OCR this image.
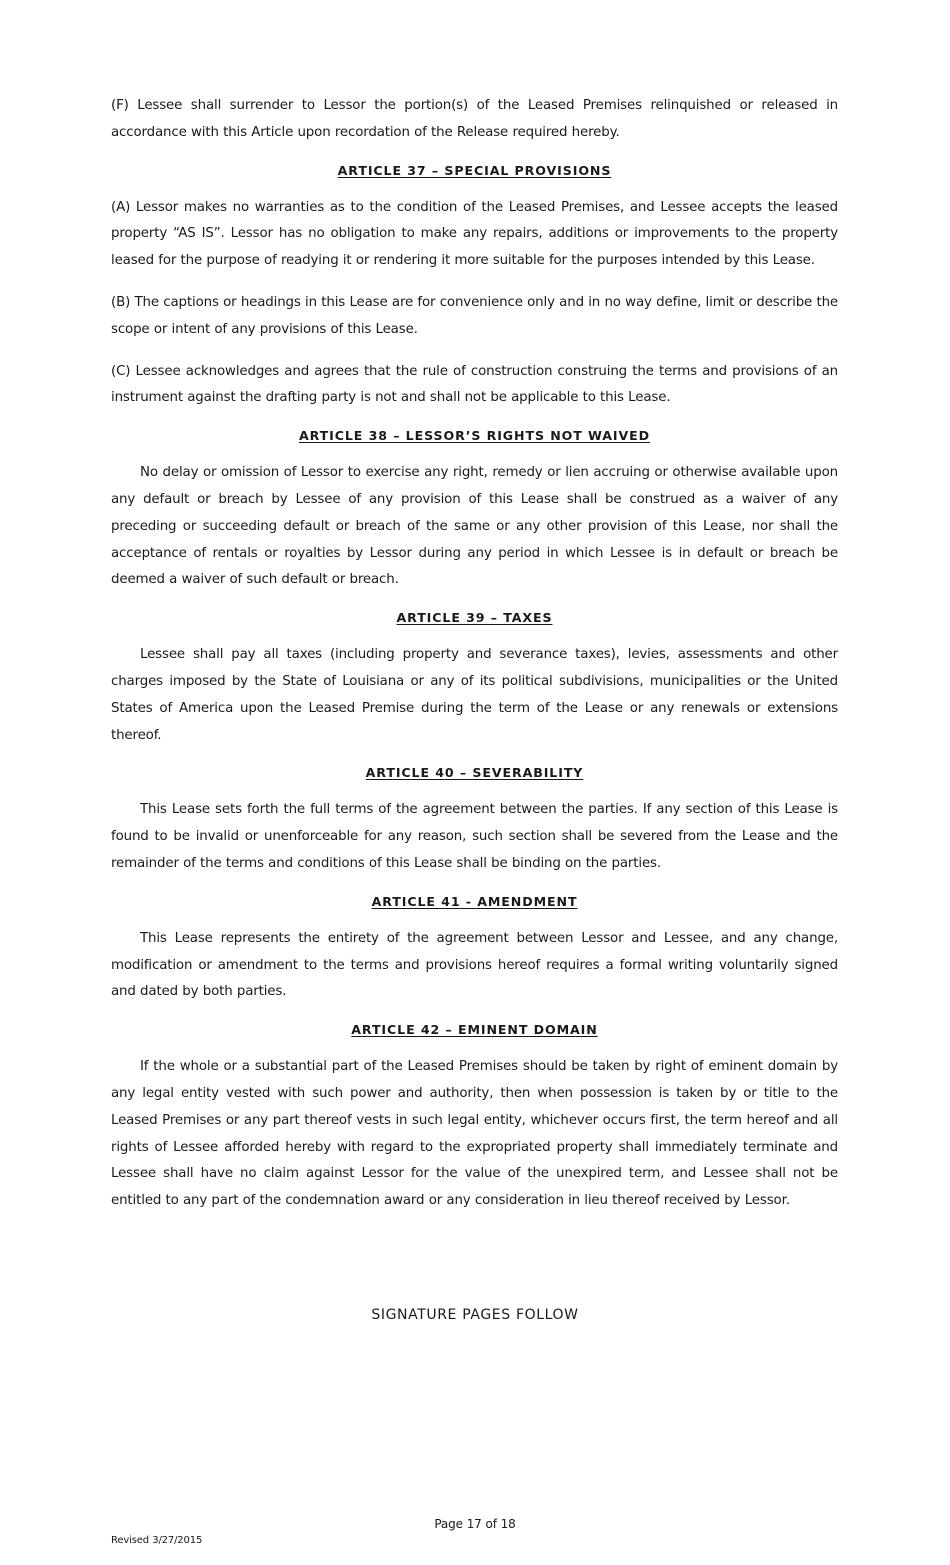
(F) Lessee shall surrender to Lessor the portion(s) of the Leased Premises relinquished or released in accordance with this Article upon recordation of the Release required hereby.

ARTICLE 37 – SPECIAL PROVISIONS

(A) Lessor makes no warranties as to the condition of the Leased Premises, and Lessee accepts the leased property “AS IS”. Lessor has no obligation to make any repairs, additions or improvements to the property leased for the purpose of readying it or rendering it more suitable for the purposes intended by this Lease.

(B) The captions or headings in this Lease are for convenience only and in no way define, limit or describe the scope or intent of any provisions of this Lease.

(C) Lessee acknowledges and agrees that the rule of construction construing the terms and provisions of an instrument against the drafting party is not and shall not be applicable to this Lease.

ARTICLE 38 – LESSOR’S RIGHTS NOT WAIVED

No delay or omission of Lessor to exercise any right, remedy or lien accruing or otherwise available upon any default or breach by Lessee of any provision of this Lease shall be construed as a waiver of any preceding or succeeding default or breach of the same or any other provision of this Lease, nor shall the acceptance of rentals or royalties by Lessor during any period in which Lessee is in default or breach be deemed a waiver of such default or breach.

ARTICLE 39 – TAXES

Lessee shall pay all taxes (including property and severance taxes), levies, assessments and other charges imposed by the State of Louisiana or any of its political subdivisions, municipalities or the United States of America upon the Leased Premise during the term of the Lease or any renewals or extensions thereof.

ARTICLE 40 – SEVERABILITY

This Lease sets forth the full terms of the agreement between the parties. If any section of this Lease is found to be invalid or unenforceable for any reason, such section shall be severed from the Lease and the remainder of the terms and conditions of this Lease shall be binding on the parties.

ARTICLE 41 - AMENDMENT

This Lease represents the entirety of the agreement between Lessor and Lessee, and any change, modification or amendment to the terms and provisions hereof requires a formal writing voluntarily signed and dated by both parties.

ARTICLE 42 – EMINENT DOMAIN

If the whole or a substantial part of the Leased Premises should be taken by right of eminent domain by any legal entity vested with such power and authority, then when possession is taken by or title to the Leased Premises or any part thereof vests in such legal entity, whichever occurs first, the term hereof and all rights of Lessee afforded hereby with regard to the expropriated property shall immediately terminate and Lessee shall have no claim against Lessor for the value of the unexpired term, and Lessee shall not be entitled to any part of the condemnation award or any consideration in lieu thereof received by Lessor.

SIGNATURE PAGES FOLLOW

Page 17 of 18

Revised 3/27/2015
